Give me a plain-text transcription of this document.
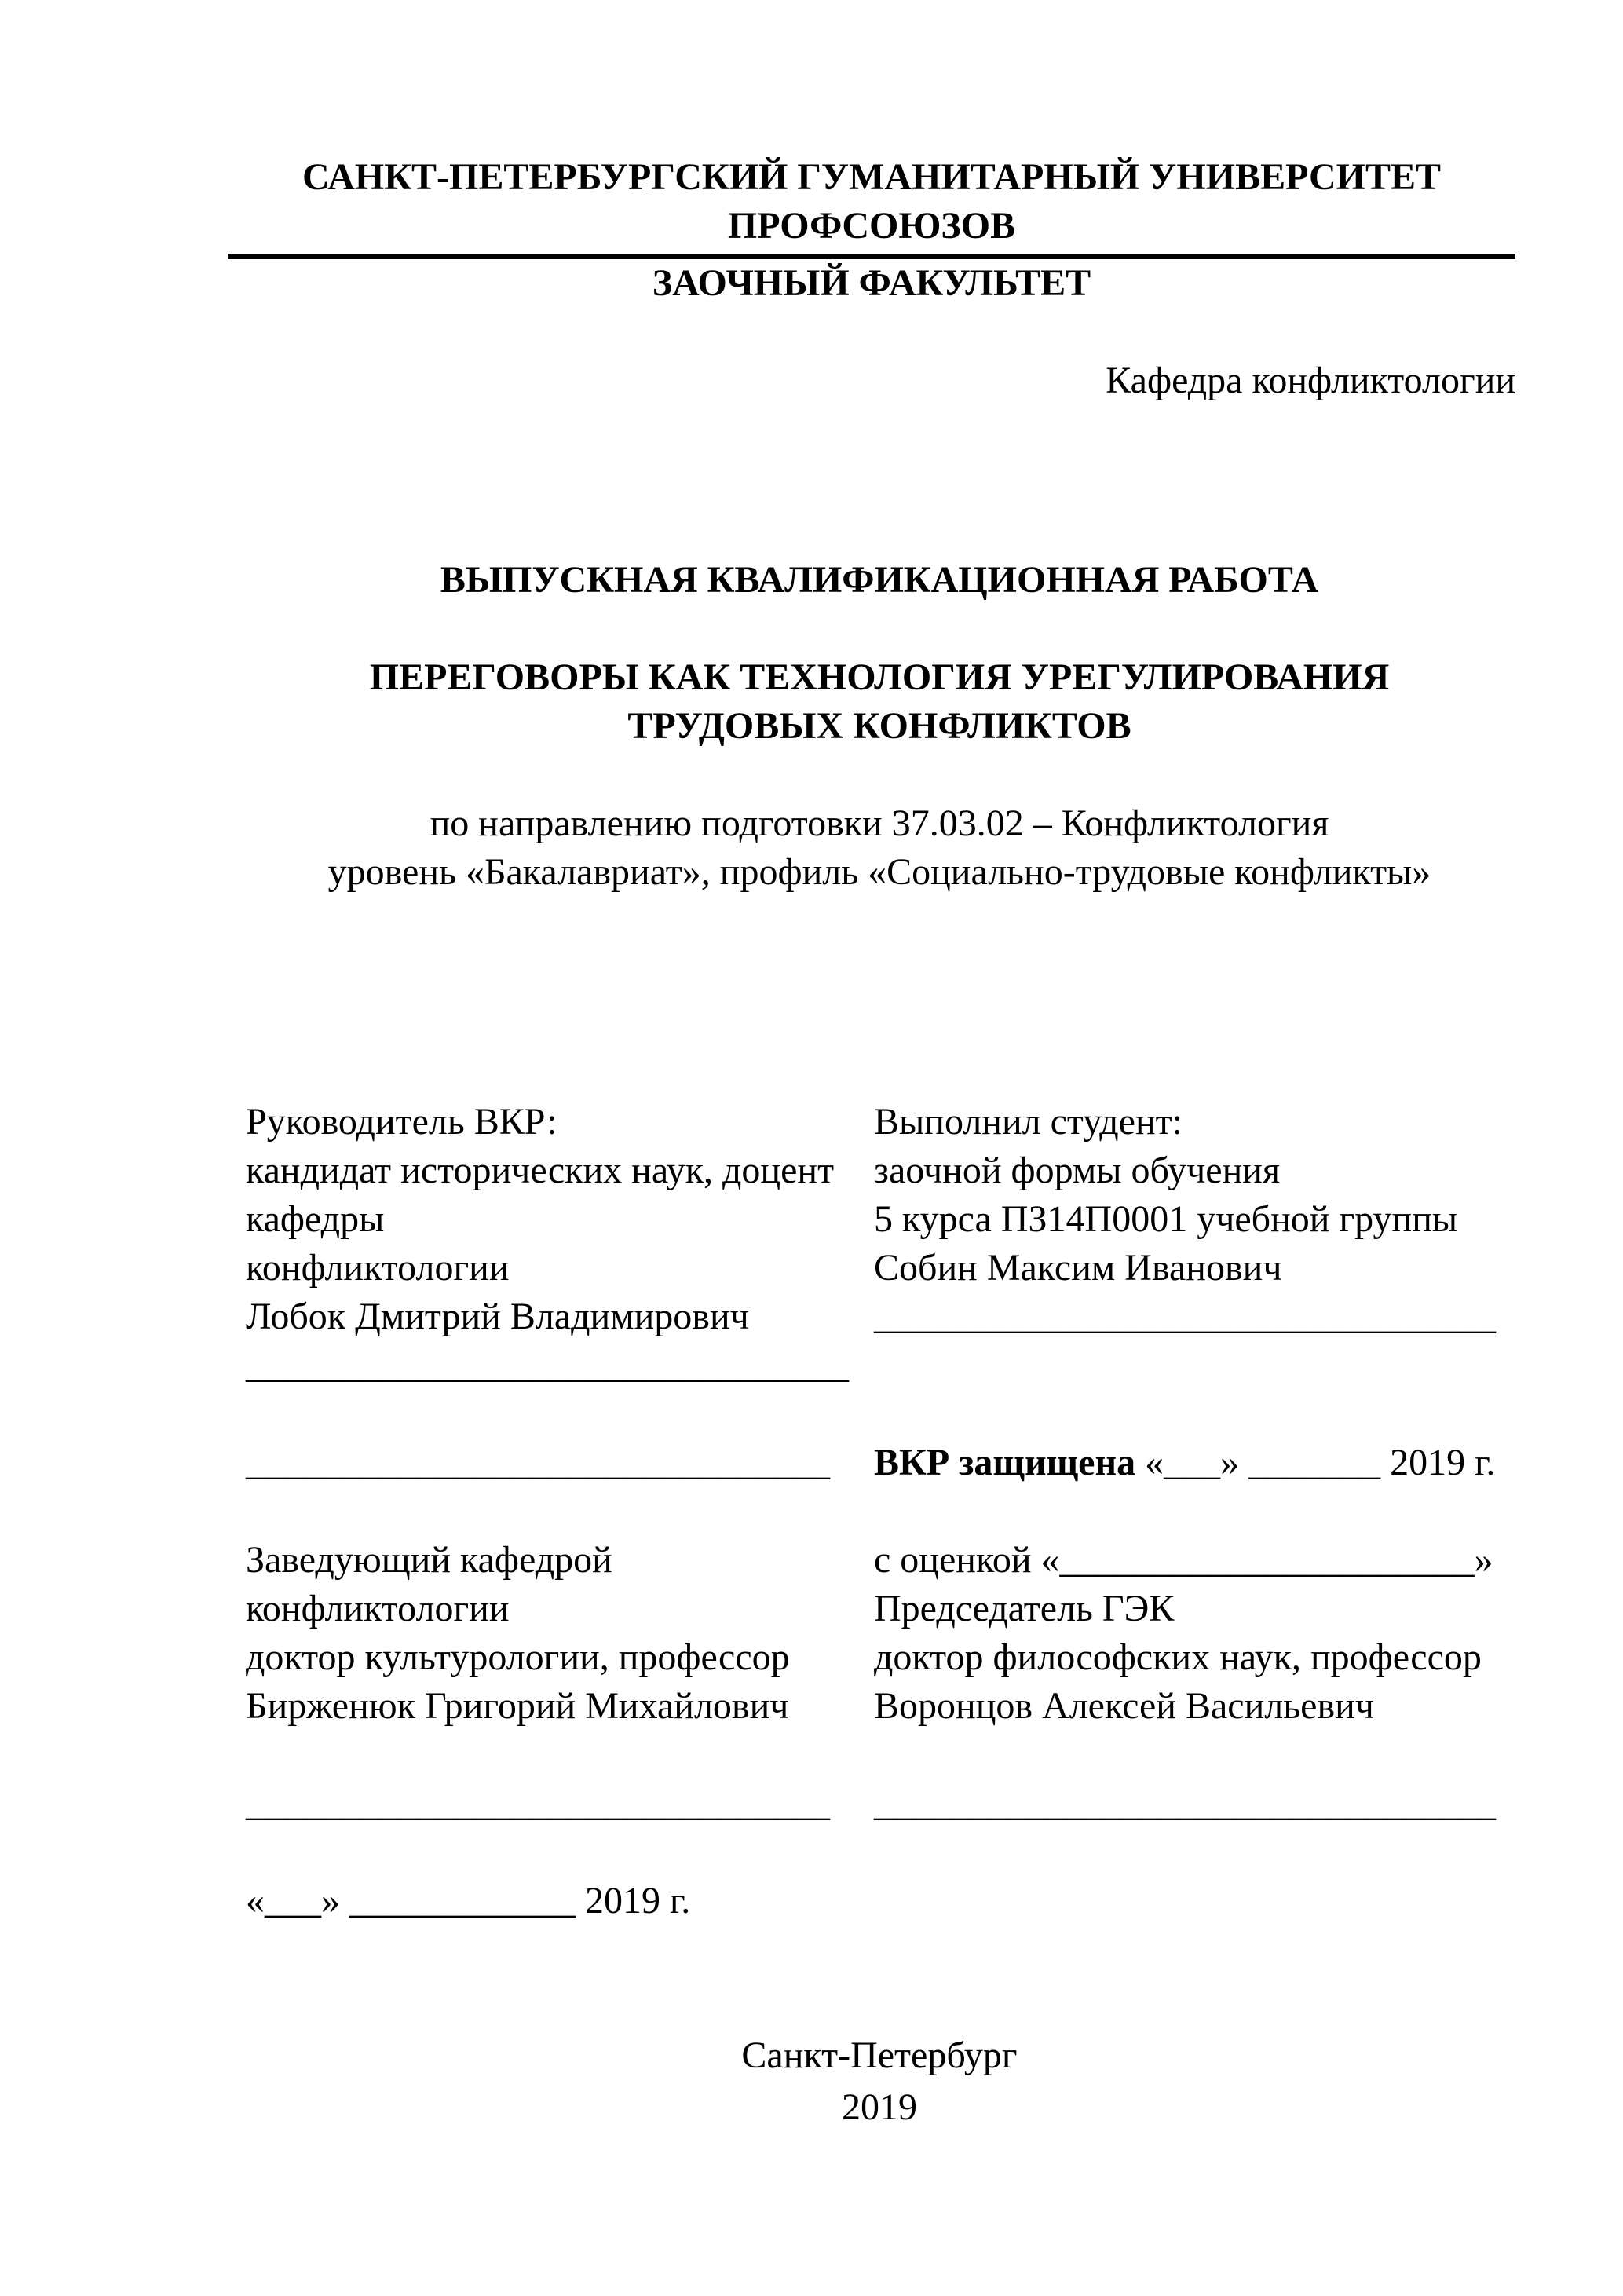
САНКТ-ПЕТЕРБУРГСКИЙ ГУМАНИТАРНЫЙ УНИВЕРСИТЕТ
ПРОФСОЮЗОВ
ЗАОЧНЫЙ ФАКУЛЬТЕТ
Кафедра конфликтологии
ВЫПУСКНАЯ КВАЛИФИКАЦИОННАЯ РАБОТА
ПЕРЕГОВОРЫ КАК ТЕХНОЛОГИЯ УРЕГУЛИРОВАНИЯ
ТРУДОВЫХ КОНФЛИКТОВ
по направлению подготовки 37.03.02 – Конфликтология
уровень «Бакалавриат», профиль «Социально-трудовые конфликты»
Руководитель ВКР:	Выполнил студент:
кандидат исторических наук, доцент	заочной формы обучения
кафедры	5 курса ПЗ14П0001 учебной группы
конфликтологии	Собин Максим Иванович
Лобок Дмитрий Владимирович	_________________________________
________________________________
_______________________________	ВКР защищена «___» _______ 2019 г.
Заведующий кафедрой	с оценкой «______________________»
конфликтологии	Председатель ГЭК
доктор культурологии, профессор	доктор философских наук, профессор
Бирженюк Григорий Михайлович	Воронцов Алексей Васильевич
_______________________________	_________________________________
«___» ____________ 2019 г.
Санкт-Петербург
2019
